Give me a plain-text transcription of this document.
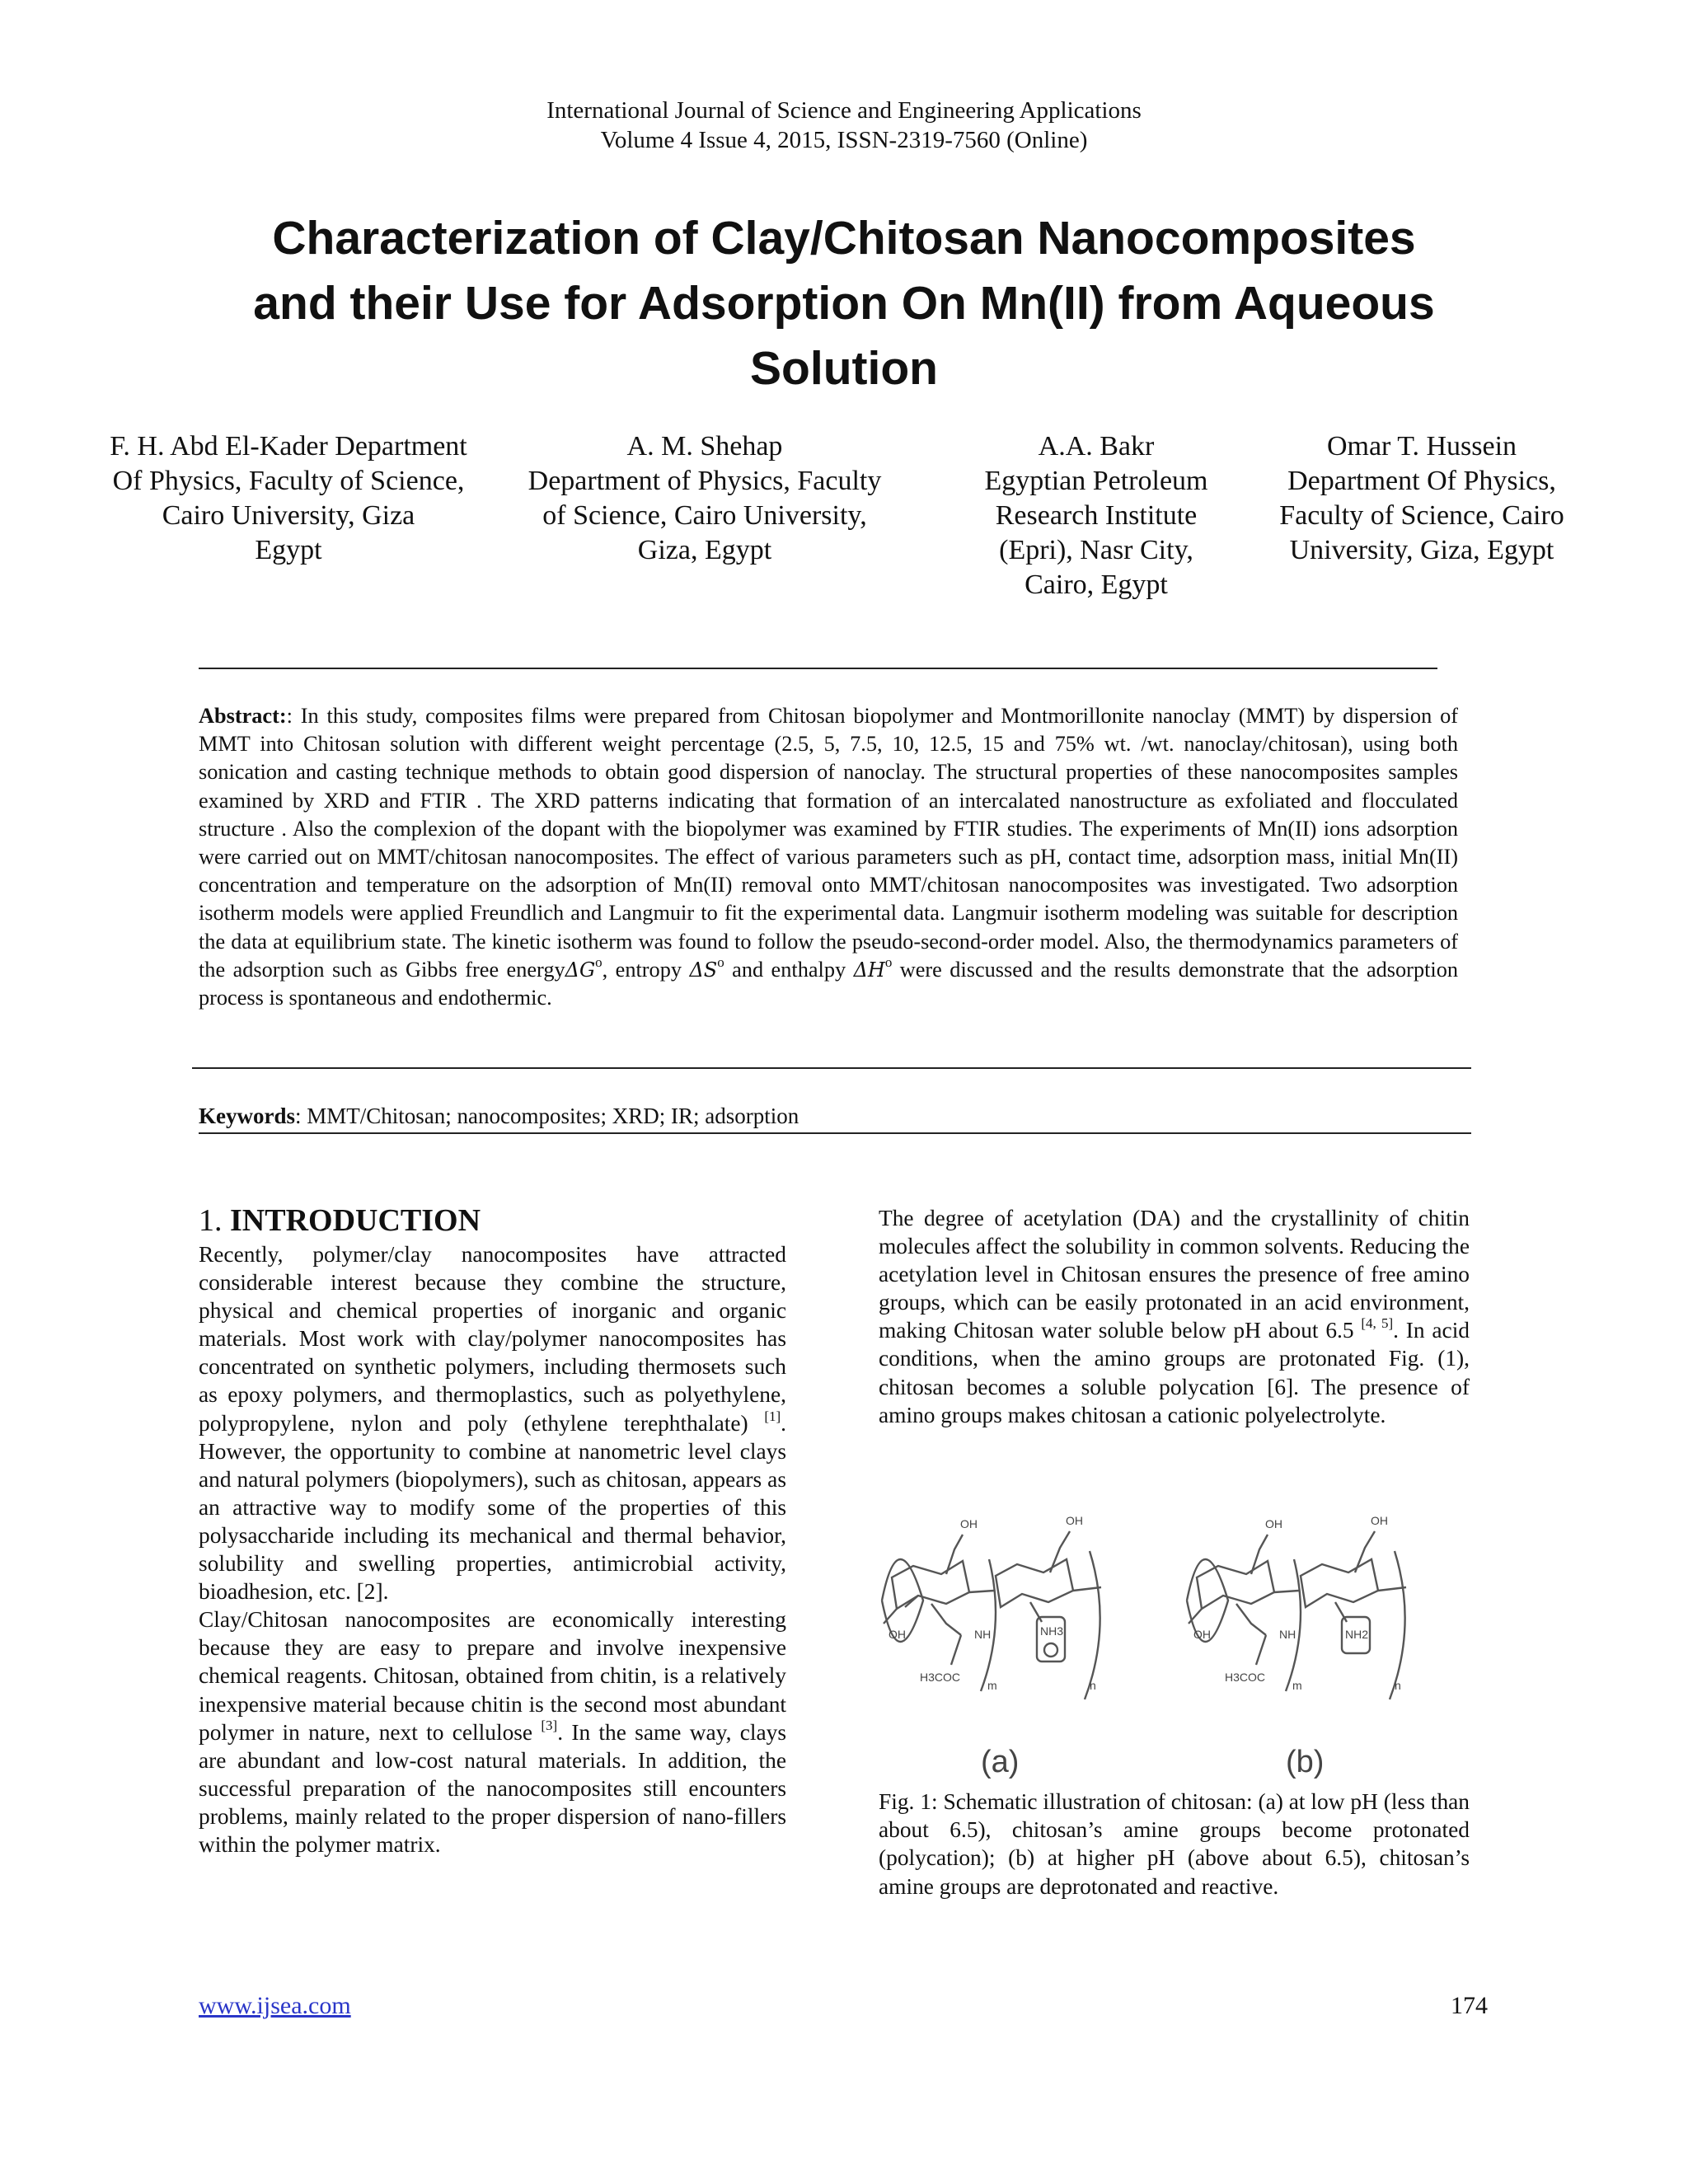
International Journal of Science and Engineering Applications
Volume 4 Issue 4, 2015, ISSN-2319-7560 (Online)
Characterization of Clay/Chitosan Nanocomposites
and their Use for Adsorption On Mn(II) from Aqueous
Solution
F. H. Abd El-Kader Department
Of Physics, Faculty of Science,
Cairo University, Giza
Egypt
A. M. Shehap
Department of Physics, Faculty
of Science, Cairo University,
Giza, Egypt
A.A. Bakr
Egyptian Petroleum
Research Institute
(Epri), Nasr City,
Cairo, Egypt
Omar T. Hussein
Department Of Physics,
Faculty of Science, Cairo
University, Giza, Egypt
Abstract:: In this study, composites films were prepared from Chitosan biopolymer and Montmorillonite nanoclay (MMT) by dispersion of MMT into Chitosan solution with different weight percentage (2.5, 5, 7.5, 10, 12.5, 15 and 75% wt. /wt. nanoclay/chitosan), using both sonication and casting technique methods to obtain good dispersion of nanoclay. The structural properties of these nanocomposites samples examined by XRD and FTIR . The XRD patterns indicating that formation of an intercalated nanostructure as exfoliated and flocculated structure . Also the complexion of the dopant with the biopolymer was examined by FTIR studies. The experiments of Mn(II) ions adsorption were carried out on MMT/chitosan nanocomposites. The effect of various parameters such as pH, contact time, adsorption mass, initial Mn(II) concentration and temperature on the adsorption of Mn(II) removal onto MMT/chitosan nanocomposites was investigated. Two adsorption isotherm models were applied Freundlich and Langmuir to fit the experimental data. Langmuir isotherm modeling was suitable for description the data at equilibrium state. The kinetic isotherm was found to follow the pseudo-second-order model. Also, the thermodynamics parameters of the adsorption such as Gibbs free energyΔG$^o$, entropy $\Delta S^o$ and enthalpy $\Delta H^o$ were discussed and the results demonstrate that the adsorption process is spontaneous and endothermic.
Keywords: MMT/Chitosan; nanocomposites; XRD; IR; adsorption
1. INTRODUCTION
Recently, polymer/clay nanocomposites have attracted considerable interest because they combine the structure, physical and chemical properties of inorganic and organic materials. Most work with clay/polymer nanocomposites has concentrated on synthetic polymers, including thermosets such as epoxy polymers, and thermoplastics, such as polyethylene, polypropylene, nylon and poly (ethylene terephthalate) [1]. However, the opportunity to combine at nanometric level clays and natural polymers (biopolymers), such as chitosan, appears as an attractive way to modify some of the properties of this polysaccharide including its mechanical and thermal behavior, solubility and swelling properties, antimicrobial activity, bioadhesion, etc. [2].
Clay/Chitosan nanocomposites are economically interesting because they are easy to prepare and involve inexpensive chemical reagents. Chitosan, obtained from chitin, is a relatively inexpensive material because chitin is the second most abundant polymer in nature, next to cellulose [3]. In the same way, clays are abundant and low-cost natural materials. In addition, the successful preparation of the nanocomposites still encounters problems, mainly related to the proper dispersion of nano-fillers within the polymer matrix.
The degree of acetylation (DA) and the crystallinity of chitin molecules affect the solubility in common solvents. Reducing the acetylation level in Chitosan ensures the presence of free amino groups, which can be easily protonated in an acid environment, making Chitosan water soluble below pH about 6.5 [4, 5]. In acid conditions, when the amino groups are protonated Fig. (1), chitosan becomes a soluble polycation [6]. The presence of amino groups makes chitosan a cationic polyelectrolyte.
OH	OH
OH	NH
H3COC
NH3
m	n
OH	OH
OH	NH
H3COC
NH2
m	n
(a)	(b)
Fig. 1: Schematic illustration of chitosan: (a) at low pH (less than about 6.5), chitosan’s amine groups become protonated (polycation); (b) at higher pH (above about 6.5), chitosan’s amine groups are deprotonated and reactive.
www.ijsea.com	174
